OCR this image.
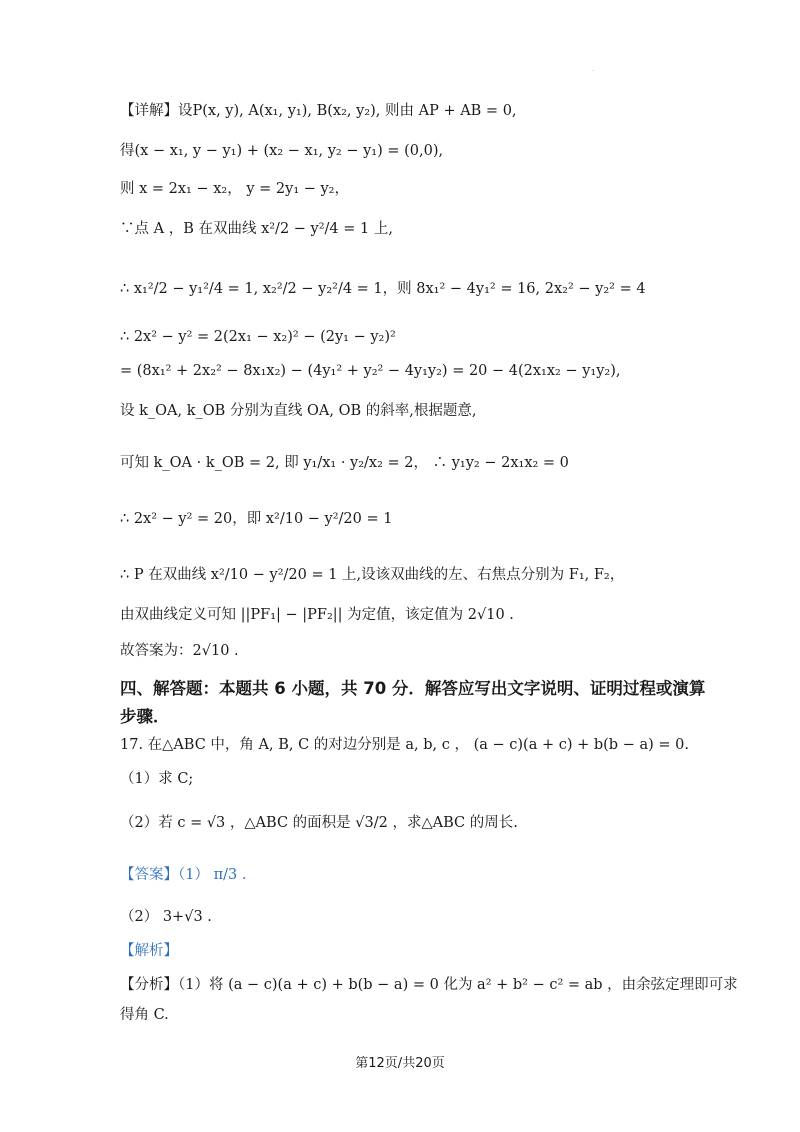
·
【详解】设P(x, y), A(x₁, y₁), B(x₂, y₂), 则由 AP + AB = 0,
得(x − x₁, y − y₁) + (x₂ − x₁, y₂ − y₁) = (0,0),
则 x = 2x₁ − x₂， y = 2y₁ − y₂，
∵点 A ，B 在双曲线 x²/2 − y²/4 = 1 上,
∴ x₁²/2 − y₁²/4 = 1, x₂²/2 − y₂²/4 = 1，则 8x₁² − 4y₁² = 16, 2x₂² − y₂² = 4
∴ 2x² − y² = 2(2x₁ − x₂)² − (2y₁ − y₂)²
= (8x₁² + 2x₂² − 8x₁x₂) − (4y₁² + y₂² − 4y₁y₂) = 20 − 4(2x₁x₂ − y₁y₂),
设 k_OA, k_OB 分别为直线 OA, OB 的斜率,根据题意,
可知 k_OA · k_OB = 2, 即 y₁/x₁ · y₂/x₂ = 2， ∴ y₁y₂ − 2x₁x₂ = 0
∴ 2x² − y² = 20，即 x²/10 − y²/20 = 1
∴ P 在双曲线 x²/10 − y²/20 = 1 上,设该双曲线的左、右焦点分别为 F₁, F₂，
由双曲线定义可知 ||PF₁| − |PF₂|| 为定值，该定值为 2√10 .
故答案为：2√10 .
四、解答题：本题共 6 小题，共 70 分．解答应写出文字说明、证明过程或演算
步骤．
17. 在△ABC 中，角 A, B, C 的对边分别是 a, b, c ， (a − c)(a + c) + b(b − a) = 0.
（1）求 C;
（2）若 c = √3 ，△ABC 的面积是 √3/2 ，求△ABC 的周长.
【答案】（1） π/3 .
（2） 3+√3 .
【解析】
【分析】（1）将 (a − c)(a + c) + b(b − a) = 0 化为 a² + b² − c² = ab ，由余弦定理即可求
得角 C.
第12页/共20页
